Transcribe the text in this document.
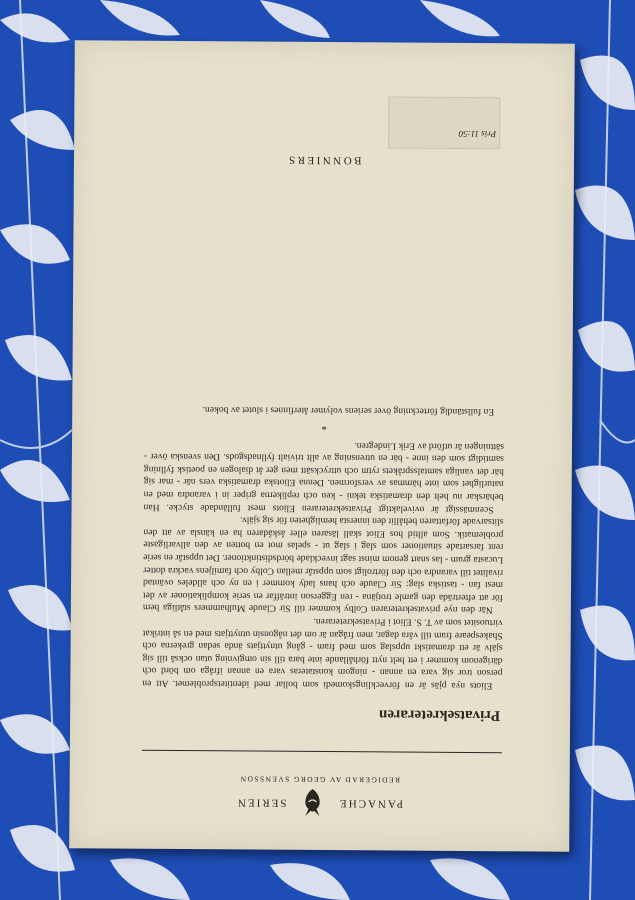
PANACHE  SERIEN
REDIGERAD AV GEORG SVENSSON
Privatsekreteraren

Eliots nya pjäs är en förvecklingskomedi som bollar med identitetsproblemet. Att en person tror sig vara en annan - ningom konstateras vara en annan ifråga om börd och därigenom kommer i ett helt nytt förhållande inte bara till sin omgivning utan också till sig själv är ett dramatiskt uppslag som med fram - gång utnyttjats ända sedan grekerna och Shakespeare fram till våra dagar, men frågan är om det någonsin utnyttjats med en så intrikat virtuositet som av T. S. Eliot i Privatsekreteraren.

När den nye privatsekreteraren Colby kommer till Sir Claude Mulhammers ståtliga hem för att efterträda den gamle trotjäna - ren Eggerson inträffar en serie komplikationer av det mest fan - tastiska slag: Sir Claude och hans lady kommer i en ny och alldeles oväntad rivalitet till varandra och den förtroligt som uppstår mellan Colby och familjens vackra dotter Lucasta grum - las snart genom minst sagt invecklade bördsdistinktioner. Det uppstår en serie rent farsartade situationer som slag i slag ut - spelas mot en botten av den allvarligaste problematik. Som alltid hos Eliot skall läsaren eller åskådaren ha en känsla av att den slitsarvade författaren behållit den innersta hemligheten för sig själv.

Scenmässigt är ovivelaktigt Privatsekreteraren Eliots mest fulländade stycke. Han behärskar nu helt den dramatiska tekni - ken och replikerna griper in i varandra med en naturlighet som inte hämmas av versformen. Denna Eliotska dramatiska vers när - mar sig här det vanliga samtalsspråkets rytm och uttrycksätt men ger åt dialogen en poetisk fyllning samtidigt som den inne - bär en utrensning av allt trivialt fyllnadsgods. Den svenska över - sättningen är utförd av Erik Lindegren.

*

En fullständig förteckning över seriens volymer återfinnes i slutet av boken.

BONNIERS
Pris 11:50
